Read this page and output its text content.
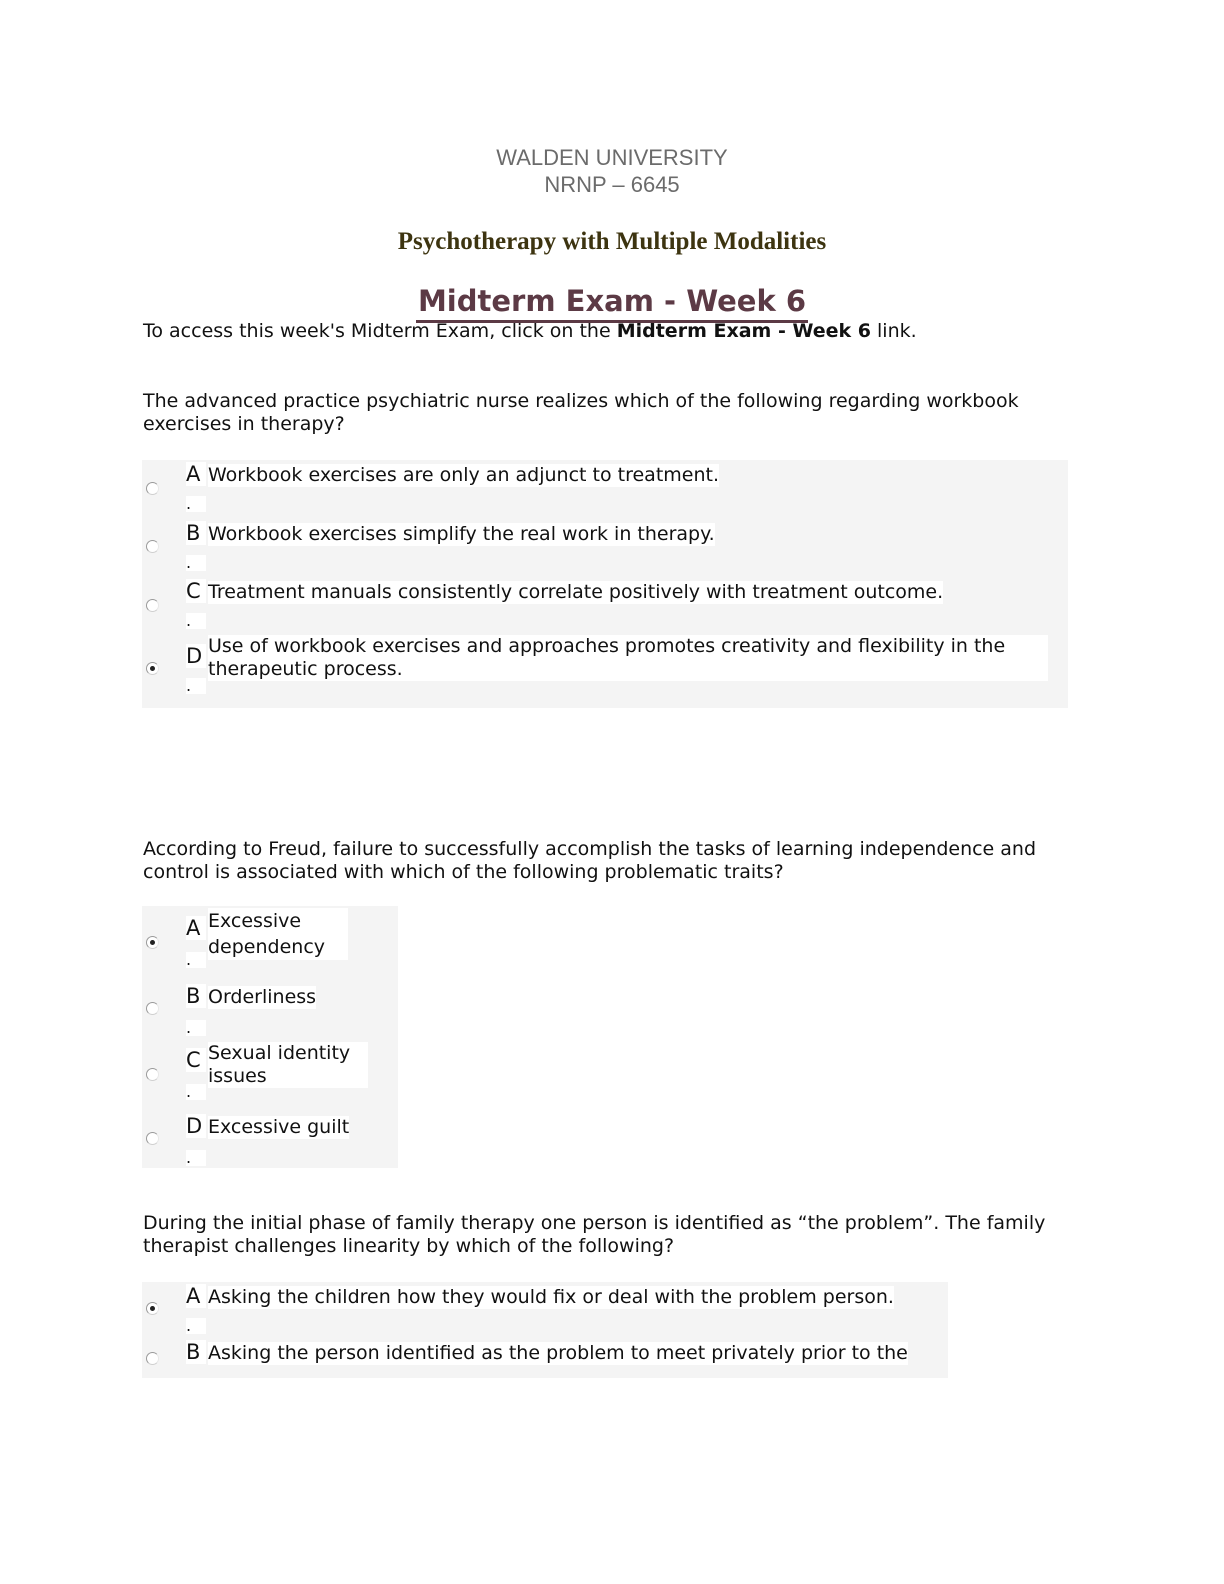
WALDEN UNIVERSITY
NRNP – 6645
Psychotherapy with Multiple Modalities
Midterm Exam - Week 6
To access this week's Midterm Exam, click on the Midterm Exam - Week 6 link.
The advanced practice psychiatric nurse realizes which of the following regarding workbook exercises in therapy?
A
.
Workbook exercises are only an adjunct to treatment.
B
.
Workbook exercises simplify the real work in therapy.
C
.
Treatment manuals consistently correlate positively with treatment outcome.
D
.
Use of workbook exercises and approaches promotes creativity and flexibility in the therapeutic process.
According to Freud, failure to successfully accomplish the tasks of learning independence and control is associated with which of the following problematic traits?
A
.
Excessive dependency
B
.
Orderliness
C
.
Sexual identity issues
D
.
Excessive guilt
During the initial phase of family therapy one person is identified as “the problem”. The family therapist challenges linearity by which of the following?
A
.
Asking the children how they would fix or deal with the problem person.
B Asking the person identified as the problem to meet privately prior to the
